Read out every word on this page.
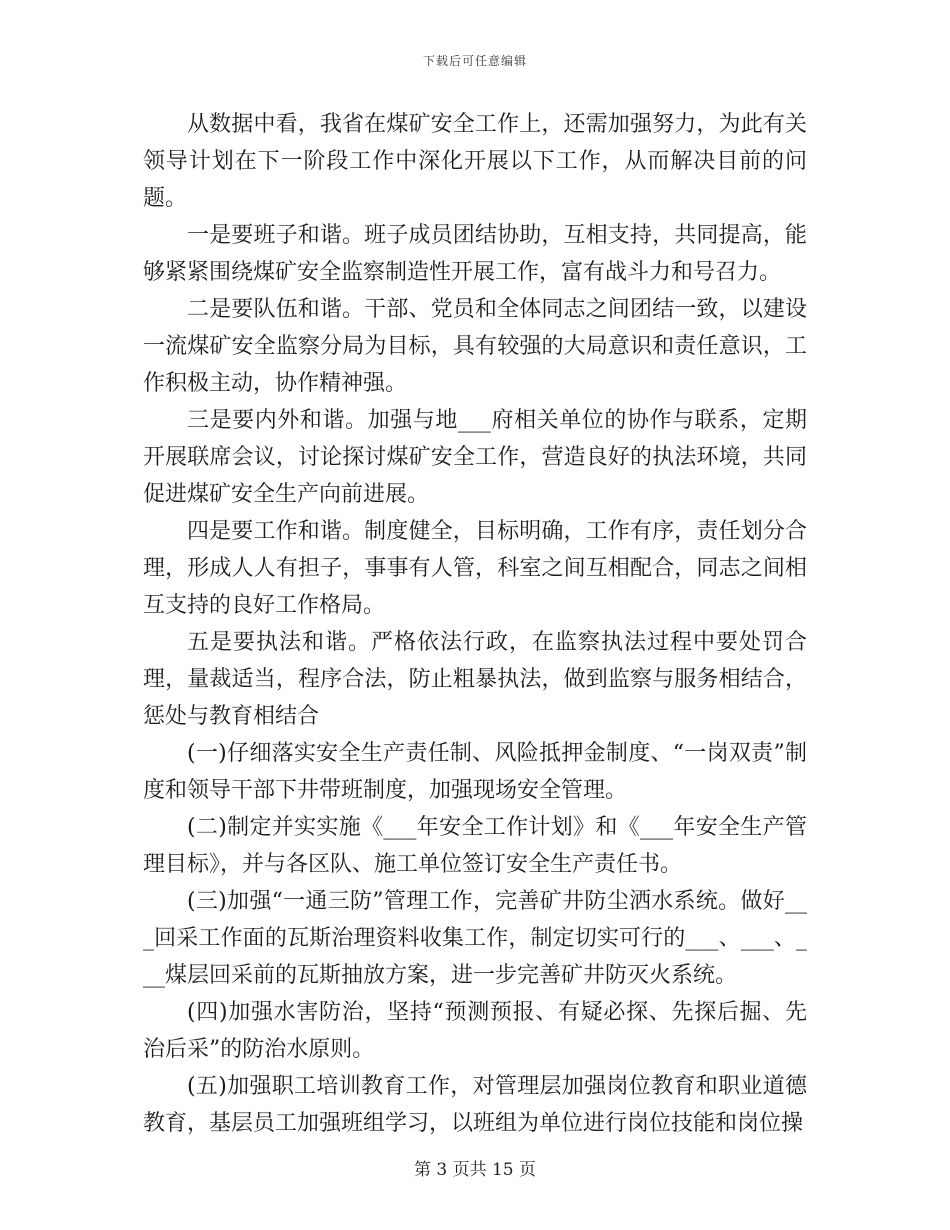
下载后可任意编辑

从数据中看，我省在煤矿安全工作上，还需加强努力，为此有关领导计划在下一阶段工作中深化开展以下工作，从而解决目前的问题。

一是要班子和谐。班子成员团结协助，互相支持，共同提高，能够紧紧围绕煤矿安全监察制造性开展工作，富有战斗力和号召力。

二是要队伍和谐。干部、党员和全体同志之间团结一致，以建设一流煤矿安全监察分局为目标，具有较强的大局意识和责任意识，工作积极主动，协作精神强。

三是要内外和谐。加强与地___府相关单位的协作与联系，定期开展联席会议，讨论探讨煤矿安全工作，营造良好的执法环境，共同促进煤矿安全生产向前进展。

四是要工作和谐。制度健全，目标明确，工作有序，责任划分合理，形成人人有担子，事事有人管，科室之间互相配合，同志之间相互支持的良好工作格局。

五是要执法和谐。严格依法行政，在监察执法过程中要处罚合理，量裁适当，程序合法，防止粗暴执法，做到监察与服务相结合，惩处与教育相结合

(一)仔细落实安全生产责任制、风险抵押金制度、“一岗双责”制度和领导干部下井带班制度，加强现场安全管理。

(二)制定并实实施《___年安全工作计划》和《___年安全生产管理目标》，并与各区队、施工单位签订安全生产责任书。

(三)加强“一通三防”管理工作，完善矿井防尘洒水系统。做好___回采工作面的瓦斯治理资料收集工作，制定切实可行的___、___、___煤层回采前的瓦斯抽放方案，进一步完善矿井防灭火系统。

(四)加强水害防治，坚持“预测预报、有疑必探、先探后掘、先治后采”的防治水原则。

(五)加强职工培训教育工作，对管理层加强岗位教育和职业道德教育，基层员工加强班组学习，以班组为单位进行岗位技能和岗位操

第 3 页共 15 页
